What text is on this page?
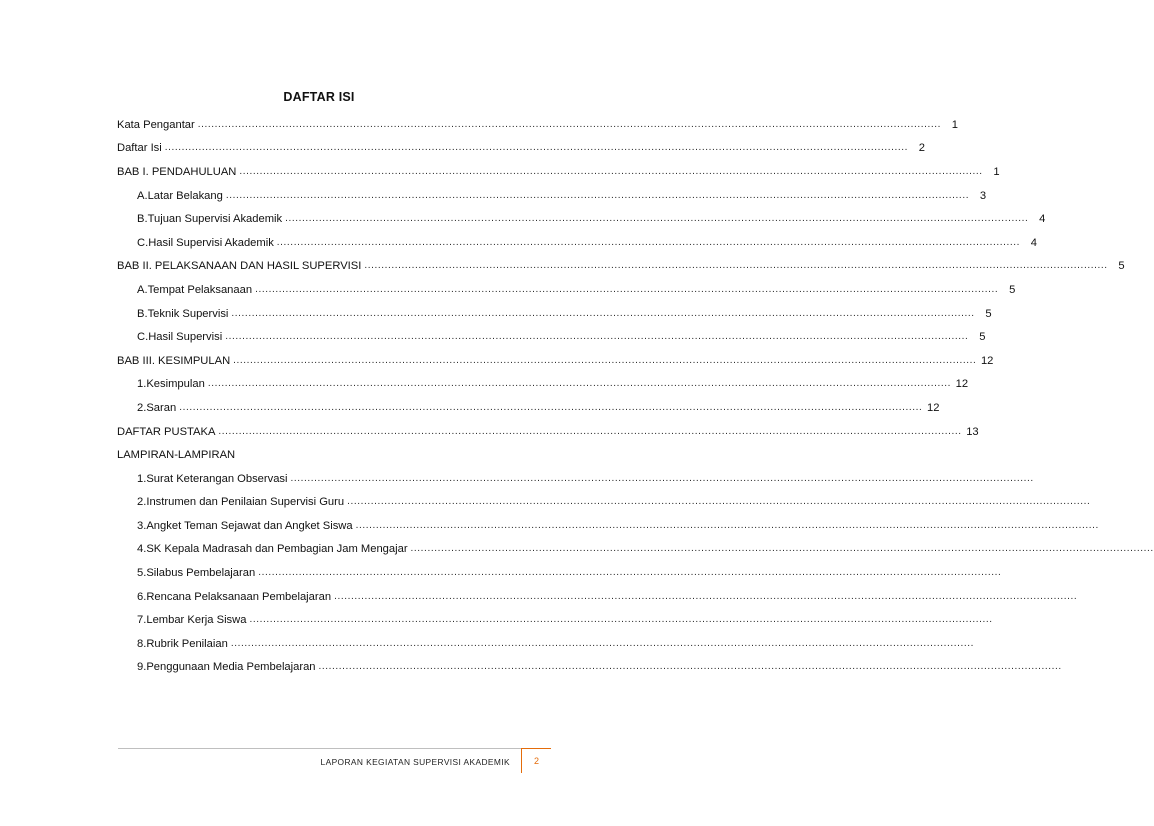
DAFTAR ISI
Kata Pengantar ............................................................................................................................................................................................................................ 1
Daftar Isi ............................................................................................................................................................................................................................ 2
BAB I. PENDAHULUAN ............................................................................................................................................................................................................................ 1
A. Latar Belakang ............................................................................................................................................................................................................................ 3
B. Tujuan Supervisi Akademik ............................................................................................................................................................................................................................ 4
C. Hasil Supervisi Akademik ............................................................................................................................................................................................................................ 4
BAB II. PELAKSANAAN DAN HASIL SUPERVISI ............................................................................................................................................................................................................................ 5
A. Tempat Pelaksanaan ............................................................................................................................................................................................................................ 5
B. Teknik Supervisi ............................................................................................................................................................................................................................ 5
C. Hasil Supervisi ............................................................................................................................................................................................................................ 5
BAB III. KESIMPULAN ............................................................................................................................................................................................................................ 12
1. Kesimpulan ............................................................................................................................................................................................................................ 12
2. Saran ............................................................................................................................................................................................................................ 12
DAFTAR PUSTAKA ............................................................................................................................................................................................................................ 13
LAMPIRAN-LAMPIRAN
1. Surat Keterangan Observasi ............................................................................................................................................................................................................................
2. Instrumen dan Penilaian Supervisi Guru ............................................................................................................................................................................................................................
3. Angket Teman Sejawat dan Angket Siswa ............................................................................................................................................................................................................................
4. SK Kepala Madrasah dan Pembagian Jam Mengajar ............................................................................................................................................................................................................................
5. Silabus Pembelajaran ............................................................................................................................................................................................................................
6. Rencana Pelaksanaan Pembelajaran ............................................................................................................................................................................................................................
7. Lembar Kerja Siswa ............................................................................................................................................................................................................................
8. Rubrik Penilaian ............................................................................................................................................................................................................................
9. Penggunaan Media Pembelajaran ............................................................................................................................................................................................................................
LAPORAN KEGIATAN SUPERVISI AKADEMIK	2
